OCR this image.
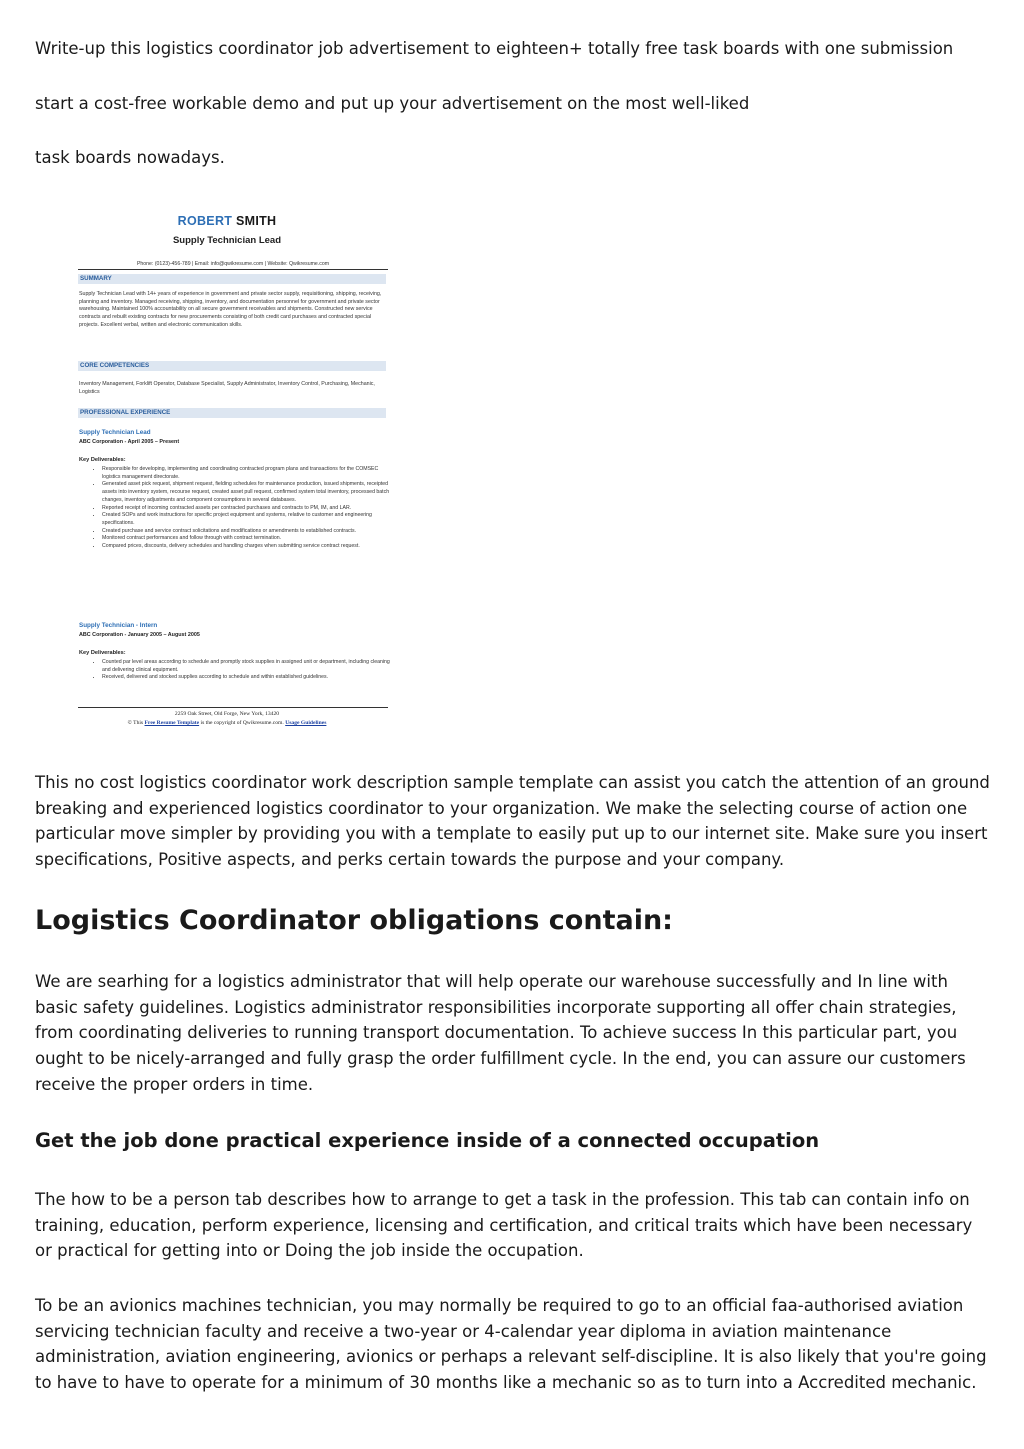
Write-up this logistics coordinator job advertisement to eighteen+ totally free task boards with one submission
start a cost-free workable demo and put up your advertisement on the most well-liked
task boards nowadays.
ROBERT SMITH
Supply Technician Lead
Phone: (0123)-456-789 | Email: info@qwikresume.com | Website: Qwikresume.com
SUMMARY
Supply Technician Lead with 14+ years of experience in government and private sector supply, requisitioning, shipping, receiving, planning and inventory. Managed receiving, shipping, inventory, and documentation personnel for government and private sector warehousing. Maintained 100% accountability on all secure government receivables and shipments. Constructed new service contracts and rebuilt existing contracts for new procurements consisting of both credit card purchases and contracted special projects. Excellent verbal, written and electronic communication skills.
CORE COMPETENCIES
Inventory Management, Forklift Operator, Database Specialist, Supply Administrator, Inventory Control, Purchasing, Mechanic, Logistics
PROFESSIONAL EXPERIENCE
Supply Technician Lead
ABC Corporation - April 2005 – Present
Key Deliverables:
• Responsible for developing, implementing and coordinating contracted program plans and transactions for the COMSEC logistics management directorate.
• Generated asset pick request, shipment request, fielding schedules for maintenance production, issued shipments, receipted assets into inventory system, recourse request, created asset pull request, confirmed system total inventory, processed batch changes, inventory adjustments and component consumptions in several databases.
• Reported receipt of incoming contracted assets per contracted purchases and contracts to PM, IM, and LAR.
• Created SOPs and work instructions for specific project equipment and systems, relative to customer and engineering specifications.
• Created purchase and service contract solicitations and modifications or amendments to established contracts.
• Monitored contract performances and follow through with contract termination.
• Compared prices, discounts, delivery schedules and handling charges when submitting service contract request.
Supply Technician - Intern
ABC Corporation - January 2005 – August 2005
Key Deliverables:
• Counted par level areas according to schedule and promptly stock supplies in assigned unit or department, including cleaning and delivering clinical equipment.
• Received, delivered and stocked supplies according to schedule and within established guidelines.
2259 Oak Street, Old Forge, New York, 13420
© This Free Resume Template is the copyright of Qwikresume.com. Usage Guidelines
This no cost logistics coordinator work description sample template can assist you catch the attention of an ground breaking and experienced logistics coordinator to your organization. We make the selecting course of action one particular move simpler by providing you with a template to easily put up to our internet site. Make sure you insert specifications, Positive aspects, and perks certain towards the purpose and your company.
Logistics Coordinator obligations contain:
We are searhing for a logistics administrator that will help operate our warehouse successfully and In line with basic safety guidelines. Logistics administrator responsibilities incorporate supporting all offer chain strategies, from coordinating deliveries to running transport documentation. To achieve success In this particular part, you ought to be nicely-arranged and fully grasp the order fulfillment cycle. In the end, you can assure our customers receive the proper orders in time.
Get the job done practical experience inside of a connected occupation
The how to be a person tab describes how to arrange to get a task in the profession. This tab can contain info on training, education, perform experience, licensing and certification, and critical traits which have been necessary or practical for getting into or Doing the job inside the occupation.
To be an avionics machines technician, you may normally be required to go to an official faa-authorised aviation servicing technician faculty and receive a two-year or 4-calendar year diploma in aviation maintenance administration, aviation engineering, avionics or perhaps a relevant self-discipline. It is also likely that you're going to have to have to operate for a minimum of 30 months like a mechanic so as to turn into a Accredited mechanic.
